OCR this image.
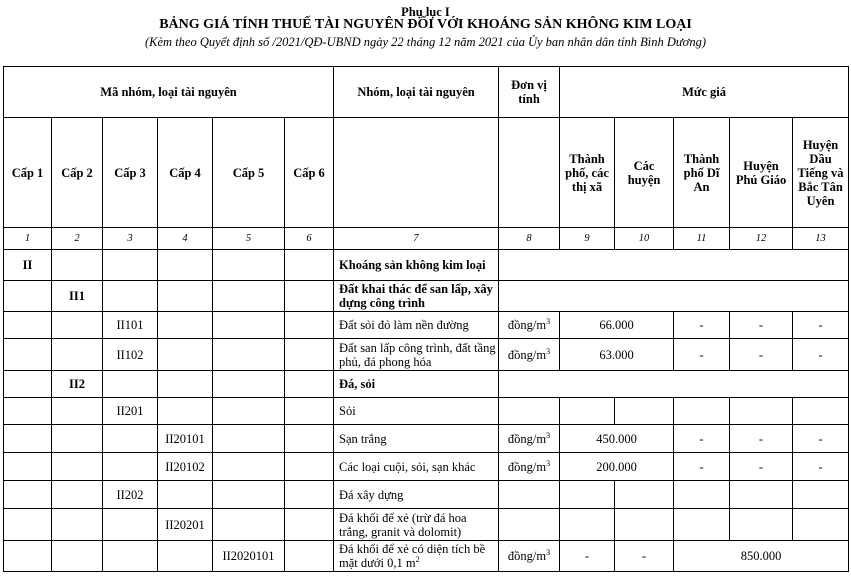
Phụ lục I
BẢNG GIÁ TÍNH THUẾ TÀI NGUYÊN ĐỐI VỚI KHOÁNG SẢN KHÔNG KIM LOẠI
(Kèm theo Quyết định số /2021/QĐ-UBND ngày 22 tháng 12 năm 2021 của Ủy ban nhân dân tỉnh Bình Dương)
Mã nhóm, loại tài nguyên						Nhóm, loại tài nguyên	Đơn vị tính	Mức giá				
Cấp 1	Cấp 2	Cấp 3	Cấp 4	Cấp 5	Cấp 6			Thành phố, các thị xã	Các huyện	Thành phố Dĩ An	Huyện Phú Giáo	Huyện Dầu Tiếng và Bắc Tân Uyên
1	2	3	4	5	6	7	8	9	10	11	12	13
II						Khoáng sản không kim loại						
	II1					Đất khai thác để san lấp, xây dựng công trình						
		II101				Đất sỏi đỏ làm nền đường	đồng/$m^3$	66.000		-	-	-
		II102				Đất san lấp công trình, đất tầng phủ, đá phong hóa	đồng/$m^3$	63.000		-	-	-
	II2					Đá, sỏi						
		II201				Sỏi						
			II20101			Sạn trắng	đồng/$m^3$	450.000		-	-	-
			II20102			Các loại cuội, sỏi, sạn khác	đồng/$m^3$	200.000		-	-	-
		II202				Đá xây dựng						
			II20201			Đá khối để xẻ (trừ đá hoa trắng, granit và dolomit)						
				II2020101		Đá khối để xẻ có diện tích bề mặt dưới 0,1 $m^2$	đồng/$m^3$	-	-	850.000		
